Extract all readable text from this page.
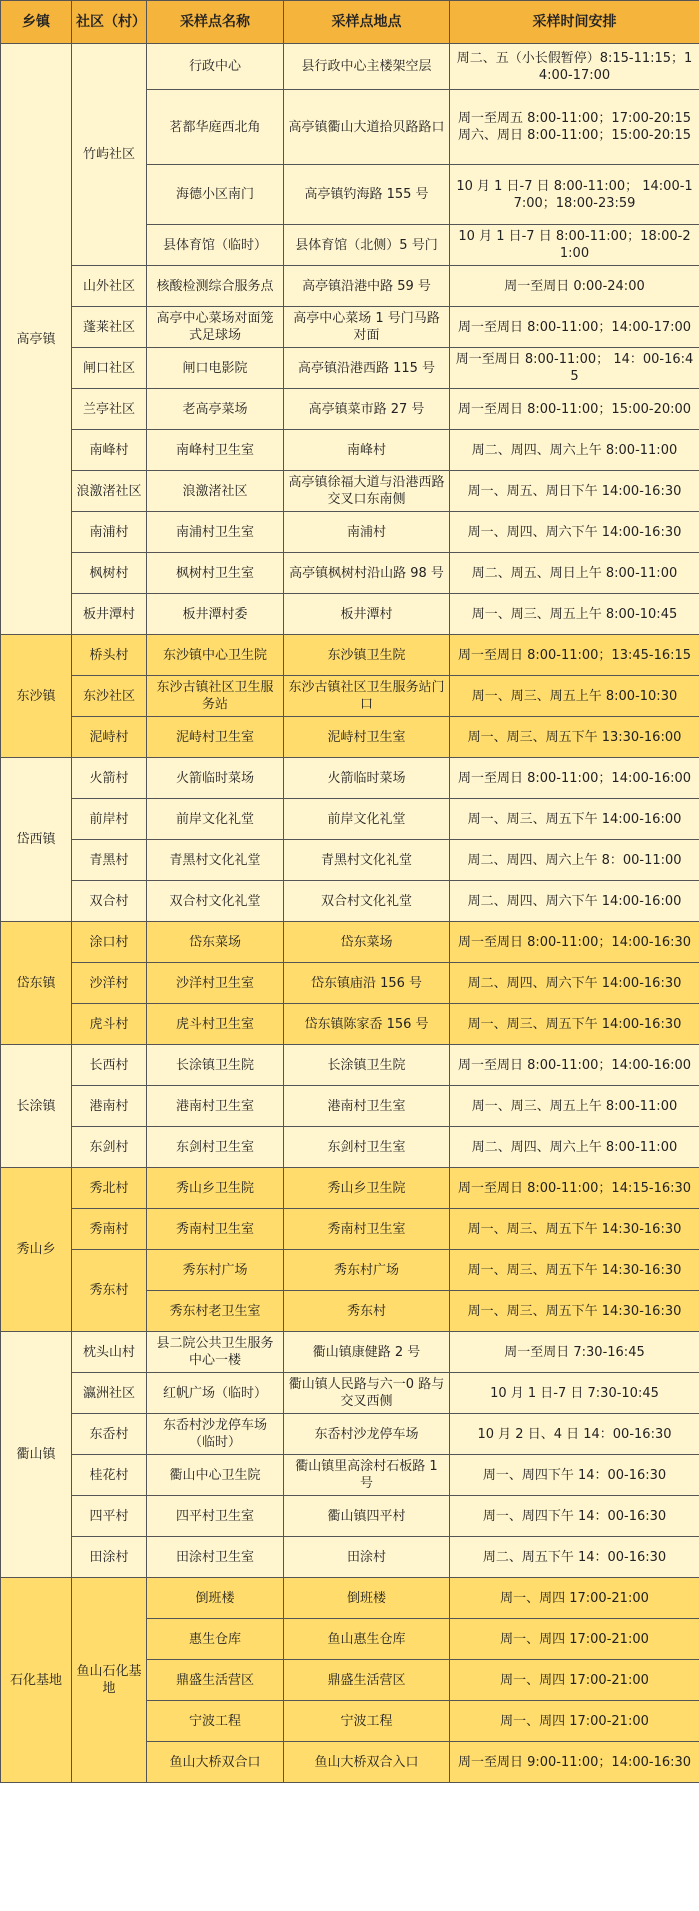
乡镇	社区（村）	采样点名称	采样点地点	采样时间安排
高亭镇	竹屿社区	行政中心	县行政中心主楼架空层	周二、五（小长假暂停）8:15-11:15；14:00-17:00
		茗都华庭西北角	高亭镇衢山大道拾贝路路口	周一至周五 8:00-11:00；17:00-20:15 周六、周日 8:00-11:00；15:00-20:15
		海德小区南门	高亭镇钓海路 155 号	10 月 1 日-7 日 8:00-11:00； 14:00-17:00；18:00-23:59
		县体育馆（临时）	县体育馆（北侧）5 号门	10 月 1 日-7 日 8:00-11:00；18:00-21:00
	山外社区	核酸检测综合服务点	高亭镇沿港中路 59 号	周一至周日 0:00-24:00
	蓬莱社区	高亭中心菜场对面笼式足球场	高亭中心菜场 1 号门马路对面	周一至周日 8:00-11:00；14:00-17:00
	闸口社区	闸口电影院	高亭镇沿港西路 115 号	周一至周日 8:00-11:00； 14：00-16:45
	兰亭社区	老高亭菜场	高亭镇菜市路 27 号	周一至周日 8:00-11:00；15:00-20:00
	南峰村	南峰村卫生室	南峰村	周二、周四、周六上午 8:00-11:00
	浪激渚社区	浪激渚社区	高亭镇徐福大道与沿港西路交叉口东南侧	周一、周五、周日下午 14:00-16:30
	南浦村	南浦村卫生室	南浦村	周一、周四、周六下午 14:00-16:30
	枫树村	枫树村卫生室	高亭镇枫树村沿山路 98 号	周二、周五、周日上午 8:00-11:00
	板井潭村	板井潭村委	板井潭村	周一、周三、周五上午 8:00-10:45
东沙镇	桥头村	东沙镇中心卫生院	东沙镇卫生院	周一至周日 8:00-11:00；13:45-16:15
	东沙社区	东沙古镇社区卫生服务站	东沙古镇社区卫生服务站门口	周一、周三、周五上午 8:00-10:30
	泥峙村	泥峙村卫生室	泥峙村卫生室	周一、周三、周五下午 13:30-16:00
岱西镇	火箭村	火箭临时菜场	火箭临时菜场	周一至周日 8:00-11:00；14:00-16:00
	前岸村	前岸文化礼堂	前岸文化礼堂	周一、周三、周五下午 14:00-16:00
	青黑村	青黑村文化礼堂	青黑村文化礼堂	周二、周四、周六上午 8：00-11:00
	双合村	双合村文化礼堂	双合村文化礼堂	周二、周四、周六下午 14:00-16:00
岱东镇	涂口村	岱东菜场	岱东菜场	周一至周日 8:00-11:00；14:00-16:30
	沙洋村	沙洋村卫生室	岱东镇庙沿 156 号	周二、周四、周六下午 14:00-16:30
	虎斗村	虎斗村卫生室	岱东镇陈家岙 156 号	周一、周三、周五下午 14:00-16:30
长涂镇	长西村	长涂镇卫生院	长涂镇卫生院	周一至周日 8:00-11:00；14:00-16:00
	港南村	港南村卫生室	港南村卫生室	周一、周三、周五上午 8:00-11:00
	东剑村	东剑村卫生室	东剑村卫生室	周二、周四、周六上午 8:00-11:00
秀山乡	秀北村	秀山乡卫生院	秀山乡卫生院	周一至周日 8:00-11:00；14:15-16:30
	秀南村	秀南村卫生室	秀南村卫生室	周一、周三、周五下午 14:30-16:30
	秀东村	秀东村广场	秀东村广场	周一、周三、周五下午 14:30-16:30
		秀东村老卫生室	秀东村	周一、周三、周五下午 14:30-16:30
衢山镇	枕头山村	县二院公共卫生服务中心一楼	衢山镇康健路 2 号	周一至周日 7:30-16:45
	瀛洲社区	红帆广场（临时）	衢山镇人民路与六一0 路与交叉西侧	10 月 1 日-7 日 7:30-10:45
	东岙村	东岙村沙龙停车场（临时）	东岙村沙龙停车场	10 月 2 日、4 日 14：00-16:30
	桂花村	衢山中心卫生院	衢山镇里高涂村石板路 1 号	周一、周四下午 14：00-16:30
	四平村	四平村卫生室	衢山镇四平村	周一、周四下午 14：00-16:30
	田涂村	田涂村卫生室	田涂村	周二、周五下午 14：00-16:30
石化基地	鱼山石化基地	倒班楼	倒班楼	周一、周四 17:00-21:00
		惠生仓库	鱼山惠生仓库	周一、周四 17:00-21:00
		鼎盛生活营区	鼎盛生活营区	周一、周四 17:00-21:00
		宁波工程	宁波工程	周一、周四 17:00-21:00
		鱼山大桥双合口	鱼山大桥双合入口	周一至周日 9:00-11:00；14:00-16:30
微岱山
